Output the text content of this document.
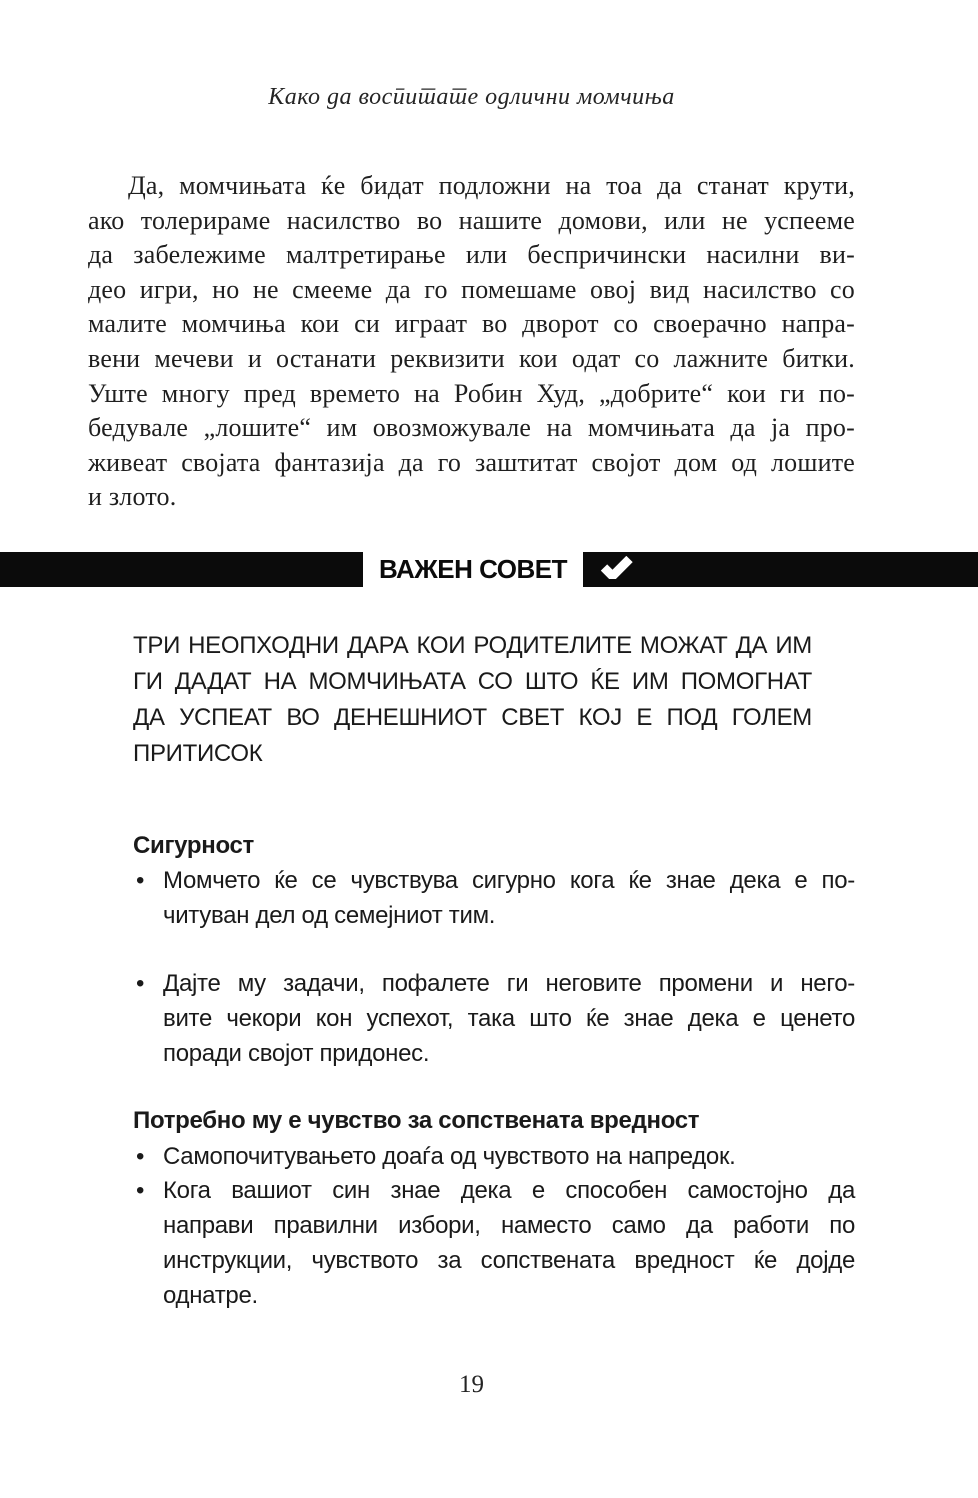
Како да воспитате одлични момчиња
Да, момчињата ќе бидат подложни на тоа да станат крути,
ако толерираме насилство во нашите домови, или не успееме
да забележиме малтретирање или беспричински насилни ви-
део игри, но не смееме да го помешаме овој вид насилство со
малите момчиња кои си играат во дворот со своерачно напра-
вени мечеви и останати реквизити кои одат со лажните битки.
Уште многу пред времето на Робин Худ, „добрите“ кои ги по-
бедувале „лошите“ им овозможувале на момчињата да ја про-
живеат својата фантазија да го заштитат својот дом од лошите
и злото.
ВАЖЕН СОВЕТ
ТРИ НЕОПХОДНИ ДАРА КОИ РОДИТЕЛИТЕ МОЖАТ ДА ИМ
ГИ ДАДАТ НА МОМЧИЊАТА СО ШТО ЌЕ ИМ ПОМОГНАТ
ДА УСПЕАТ ВО ДЕНЕШНИОТ СВЕТ КОЈ Е ПОД ГОЛЕМ
ПРИТИСОК
Сигурност
• Момчето ќе се чувствува сигурно кога ќе знае дека е по-
читуван дел од семејниот тим.
• Дајте му задачи, пофалете ги неговите промени и него-
вите чекори кон успехот, така што ќе знае дека е ценето
поради својот придонес.
Потребно му е чувство за сопствената вредност
• Самопочитувањето доаѓа од чувството на напредок.
• Кога вашиот син знае дека е способен самостојно да
направи правилни избори, наместо само да работи по
инструкции, чувството за сопствената вредност ќе дојде
однатре.
19
